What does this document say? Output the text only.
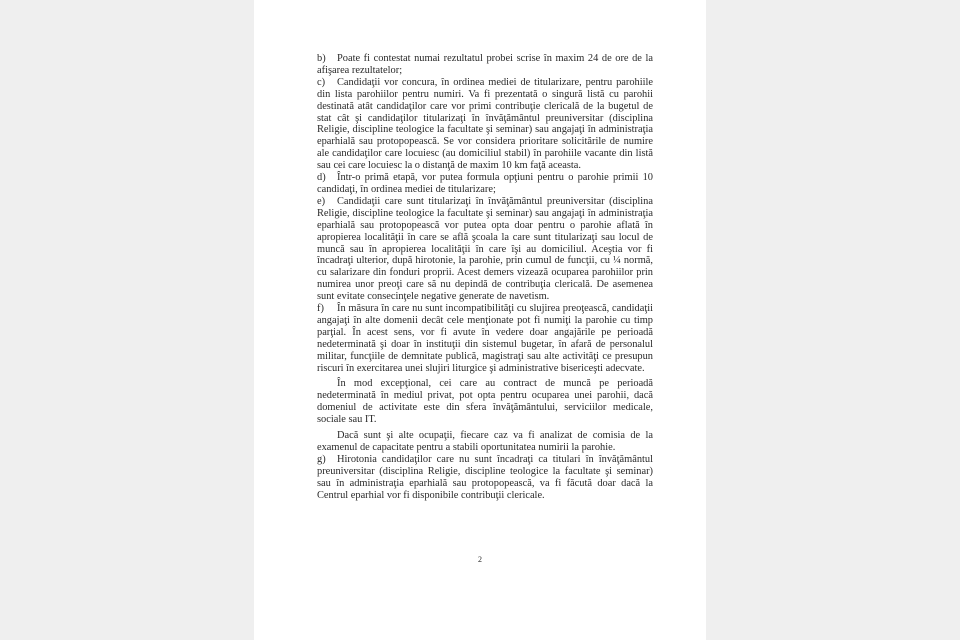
b) Poate fi contestat numai rezultatul probei scrise în maxim 24 de ore de la afişarea rezultatelor;

c) Candidaţii vor concura, în ordinea mediei de titularizare, pentru parohiile din lista parohiilor pentru numiri. Va fi prezentată o singură listă cu parohii destinată atât candidaţilor care vor primi contribuţie clericală de la bugetul de stat cât şi candidaţilor titularizaţi în învăţământul preuniversitar (disciplina Religie, discipline teologice la facultate şi seminar) sau angajaţi în administraţia eparhială sau protopopească. Se vor considera prioritare solicitările de numire ale candidaţilor care locuiesc (au domiciliul stabil) în parohiile vacante din listă sau cei care locuiesc la o distanţă de maxim 10 km faţă aceasta.

d) Într-o primă etapă, vor putea formula opţiuni pentru o parohie primii 10 candidaţi, în ordinea mediei de titularizare;

e) Candidaţii care sunt titularizaţi în învăţământul preuniversitar (disciplina Religie, discipline teologice la facultate şi seminar) sau angajaţi în administraţia eparhială sau protopopească vor putea opta doar pentru o parohie aflată în apropierea localităţii în care se află şcoala la care sunt titularizaţi sau locul de muncă sau în apropierea localităţii în care îşi au domiciliul. Aceştia vor fi încadraţi ulterior, după hirotonie, la parohie, prin cumul de funcţii, cu ¼ normă, cu salarizare din fonduri proprii. Acest demers vizează ocuparea parohiilor prin numirea unor preoţi care să nu depindă de contribuţia clericală. De asemenea sunt evitate consecinţele negative generate de navetism.

f) În măsura în care nu sunt incompatibilităţi cu slujirea preoţească, candidaţii angajaţi în alte domenii decât cele menţionate pot fi numiţi la parohie cu timp parţial. În acest sens, vor fi avute în vedere doar angajările pe perioadă nedeterminată şi doar în instituţii din sistemul bugetar, în afară de personalul militar, funcţiile de demnitate publică, magistraţi sau alte activităţi ce presupun riscuri în exercitarea unei slujiri liturgice şi administrative bisericeşti adecvate.

În mod excepţional, cei care au contract de muncă pe perioadă nedeterminată în mediul privat, pot opta pentru ocuparea unei parohii, dacă domeniul de activitate este din sfera învăţământului, serviciilor medicale, sociale sau IT.

Dacă sunt şi alte ocupaţii, fiecare caz va fi analizat de comisia de la examenul de capacitate pentru a stabili oportunitatea numirii la parohie.

g) Hirotonia candidaţilor care nu sunt încadraţi ca titulari în învăţământul preuniversitar (disciplina Religie, discipline teologice la facultate şi seminar) sau în administraţia eparhială sau protopopească, va fi făcută doar dacă la Centrul eparhial vor fi disponibile contribuţii clericale.

2
